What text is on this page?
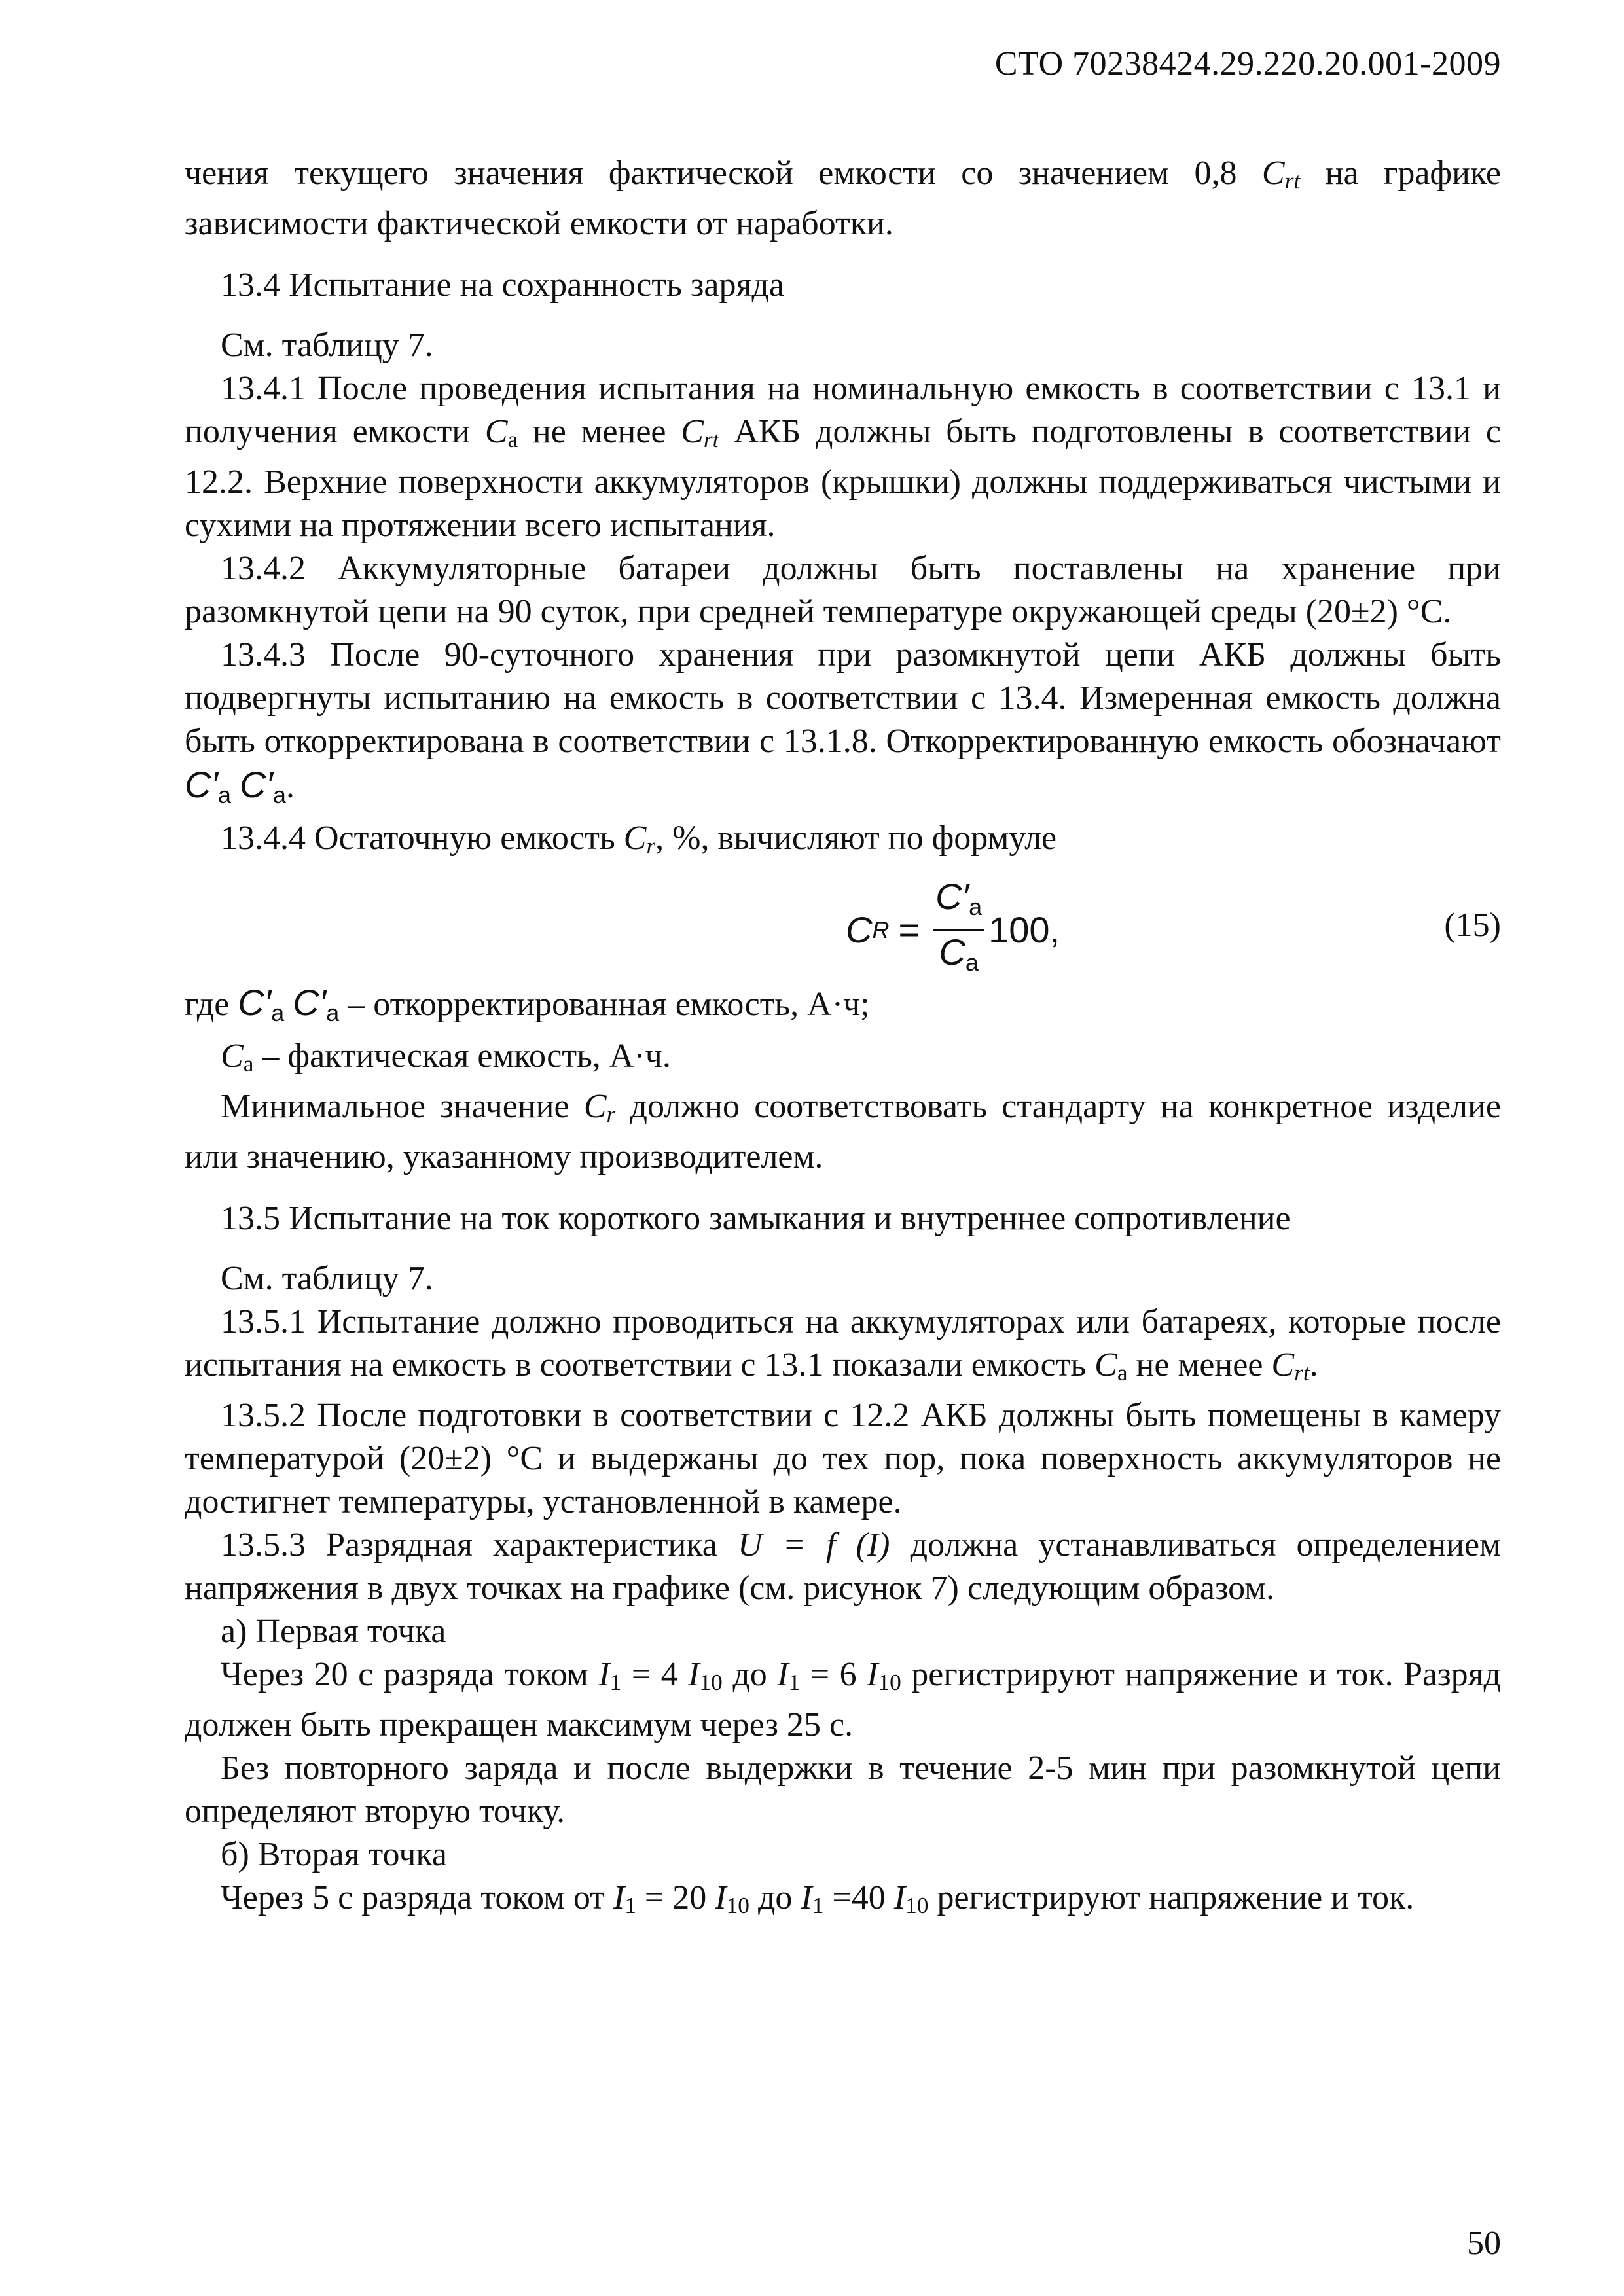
СТО 70238424.29.220.20.001-2009

чения текущего значения фактической емкости со значением 0,8 $C_{rt}$ на графике зависимости фактической емкости от наработки.

13.4 Испытание на сохранность заряда

См. таблицу 7.

13.4.1 После проведения испытания на номинальную емкость в соответствии с 13.1 и получения емкости $C_а$ не менее $C_{rt}$ АКБ должны быть подготовлены в соответствии с 12.2. Верхние поверхности аккумуляторов (крышки) должны поддерживаться чистыми и сухими на протяжении всего испытания.

13.4.2 Аккумуляторные батареи должны быть поставлены на хранение при разомкнутой цепи на 90 суток, при средней температуре окружающей среды (20±2) °С.

13.4.3 После 90-суточного хранения при разомкнутой цепи АКБ должны быть подвергнуты испытанию на емкость в соответствии с 13.4. Измеренная емкость должна быть откорректирована в соответствии с 13.1.8. Откорректированную емкость обозначают C′a C′a.

13.4.4 Остаточную емкость $C_r$, %, вычисляют по формуле

C $R = \frac{C'a}{Ca} 100$,	(15)

где C′a C′a – откорректированная емкость, А·ч;

$C_а$ – фактическая емкость, А·ч.

Минимальное значение $C_r$ должно соответствовать стандарту на конкретное изделие или значению, указанному производителем.

13.5 Испытание на ток короткого замыкания и внутреннее сопротивление

См. таблицу 7.

13.5.1 Испытание должно проводиться на аккумуляторах или батареях, которые после испытания на емкость в соответствии с 13.1 показали емкость $C_а$ не менее $C_{rt}$.

13.5.2 После подготовки в соответствии с 12.2 АКБ должны быть помещены в камеру температурой (20±2) °С и выдержаны до тех пор, пока поверхность аккумуляторов не достигнет температуры, установленной в камере.

13.5.3 Разрядная характеристика U = f (I) должна устанавливаться определением напряжения в двух точках на графике (см. рисунок 7) следующим образом.

а) Первая точка

Через 20 с разряда током $I_1 = 4$ $I_{10}$ до $I_1 = 6$ $I_{10}$ регистрируют напряжение и ток. Разряд должен быть прекращен максимум через 25 с.

Без повторного заряда и после выдержки в течение 2-5 мин при разомкнутой цепи определяют вторую точку.

б) Вторая точка

Через 5 с разряда током от $I_1 = 20$ $I_{10}$ до $I_1 =40$ $I_{10}$ регистрируют напряжение и ток.

50
